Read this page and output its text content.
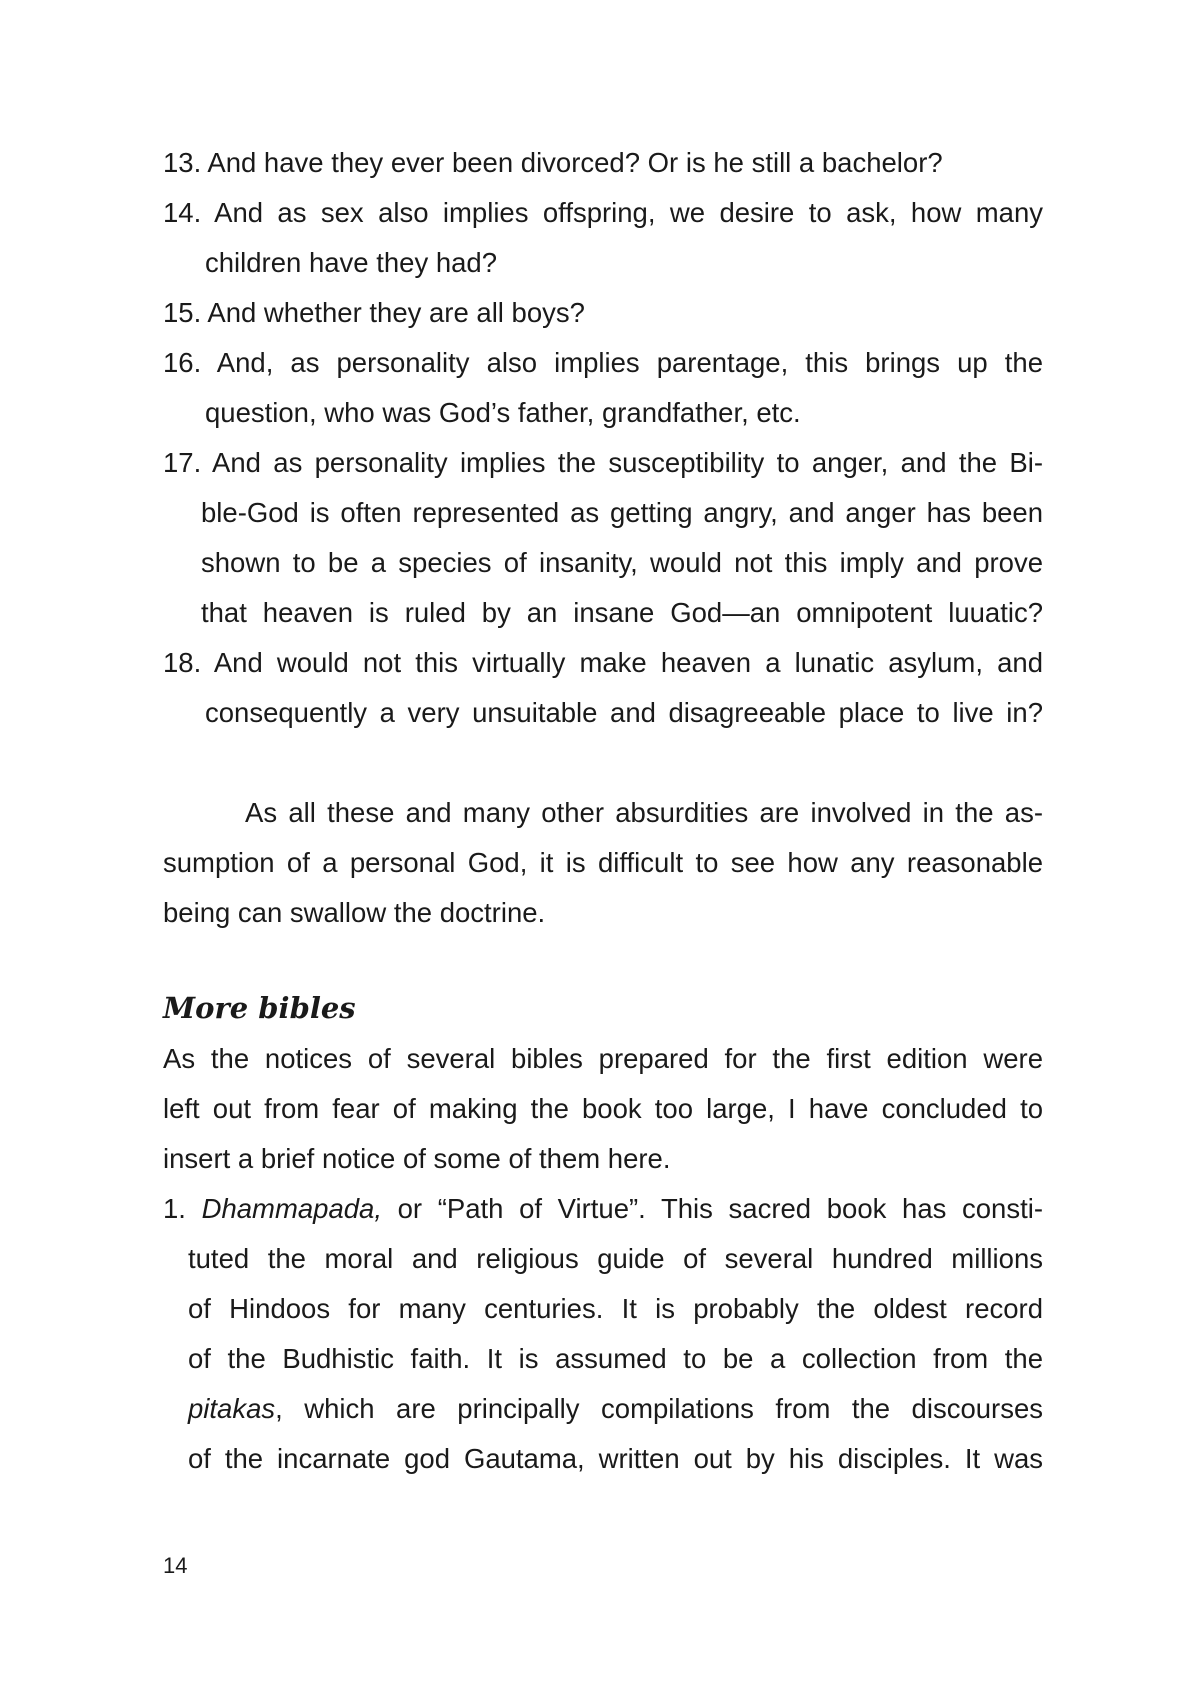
13. And have they ever been divorced? Or is he still a bachelor?
14. And as sex also implies offspring, we desire to ask, how many
children have they had?
15. And whether they are all boys?
16. And, as personality also implies parentage, this brings up the
question, who was God’s father, grandfather, etc.
17. And as personality implies the susceptibility to anger, and the Bi-
ble-God is often represented as getting angry, and anger has been
shown to be a species of insanity, would not this imply and prove
that heaven is ruled by an insane God—an omnipotent luuatic?
18. And would not this virtually make heaven a lunatic asylum, and
consequently a very unsuitable and disagreeable place to live in?
As all these and many other absurdities are involved in the as-
sumption of a personal God, it is difficult to see how any reasonable
being can swallow the doctrine.
More bibles
As the notices of several bibles prepared for the first edition were
left out from fear of making the book too large, I have concluded to
insert a brief notice of some of them here.
1. Dhammapada, or “Path of Virtue”. This sacred book has consti-
tuted the moral and religious guide of several hundred millions
of Hindoos for many centuries. It is probably the oldest record
of the Budhistic faith. It is assumed to be a collection from the
pitakas, which are principally compilations from the discourses
of the incarnate god Gautama, written out by his disciples. It was
14
